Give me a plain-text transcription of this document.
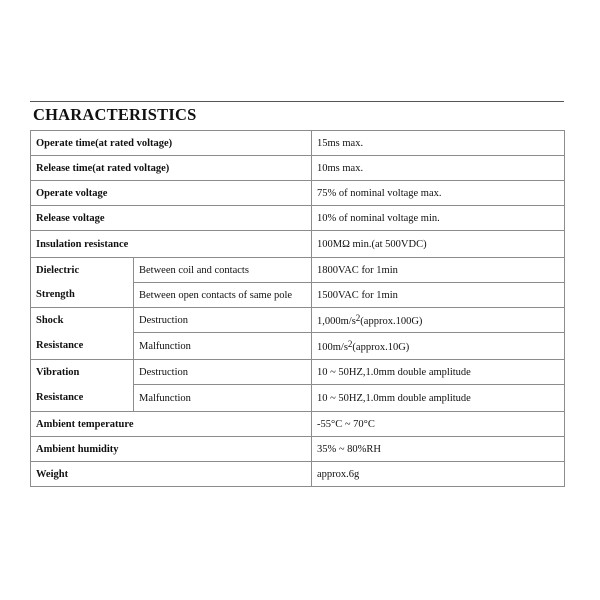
CHARACTERISTICS
Operate time(at rated voltage)		15ms max.
Release time(at rated voltage)		10ms max.
Operate voltage		75% of nominal voltage max.
Release voltage		10% of nominal voltage min.
Insulation resistance		100MΩ min.(at 500VDC)
Dielectric	Between coil and contacts	1800VAC for 1min
Strength	Between open contacts of same pole	1500VAC for 1min
Shock	Destruction	1,000m/s2(approx.100G)
Resistance	Malfunction	100m/s2(approx.10G)
Vibration	Destruction	10 ~ 50HZ,1.0mm double amplitude
Resistance	Malfunction	10 ~ 50HZ,1.0mm double amplitude
Ambient temperature		-55°C ~ 70°C
Ambient humidity		35% ~ 80%RH
Weight		approx.6g
